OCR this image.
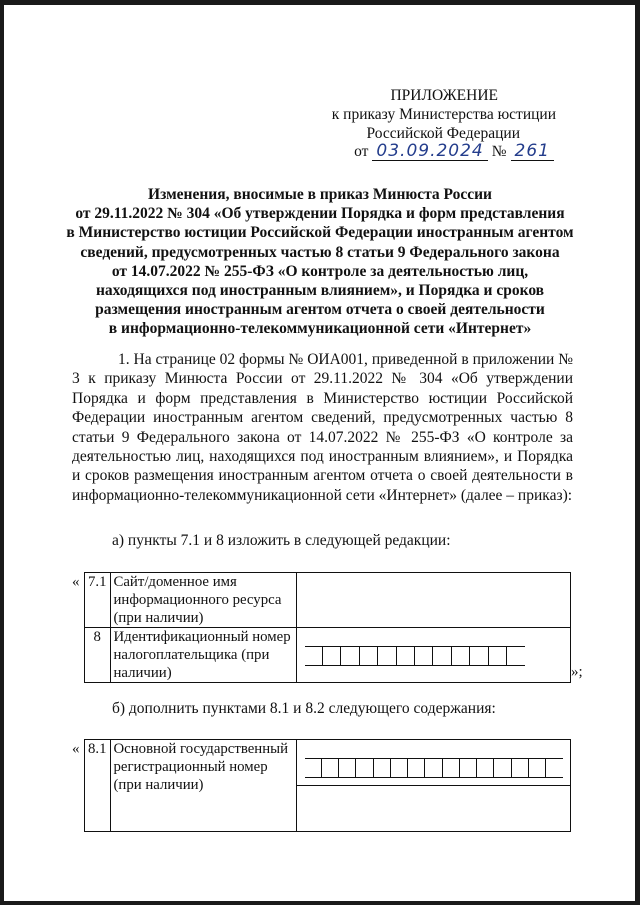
ПРИЛОЖЕНИЕ
к приказу Министерства юстиции
Российской Федерации
от 03.09.2024 № 261
Изменения, вносимые в приказ Минюста России
от 29.11.2022 № 304 «Об утверждении Порядка и форм представления
в Министерство юстиции Российской Федерации иностранным агентом
сведений, предусмотренных частью 8 статьи 9 Федерального закона
от 14.07.2022 № 255-ФЗ «О контроле за деятельностью лиц,
находящихся под иностранным влиянием», и Порядка и сроков
размещения иностранным агентом отчета о своей деятельности
в информационно-телекоммуникационной сети «Интернет»

1. На странице 02 формы № ОИА001, приведенной в приложении № 3 к приказу Минюста России от 29.11.2022 № 304 «Об утверждении Порядка и форм представления в Министерство юстиции Российской Федерации иностранным агентом сведений, предусмотренных частью 8 статьи 9 Федерального закона от 14.07.2022 № 255-ФЗ «О контроле за деятельностью лиц, находящихся под иностранным влиянием», и Порядка и сроков размещения иностранным агентом отчета о своей деятельности в информационно-телекоммуникационной сети «Интернет» (далее – приказ):

а) пункты 7.1 и 8 изложить в следующей редакции:
« 7.1	Сайт/доменное имя информационного ресурса (при наличии)	
8	Идентификационный номер налогоплательщика (при наличии)		»;
б) дополнить пунктами 8.1 и 8.2 следующего содержания:
« 8.1	Основной государственный регистрационный номер (при наличии)	
